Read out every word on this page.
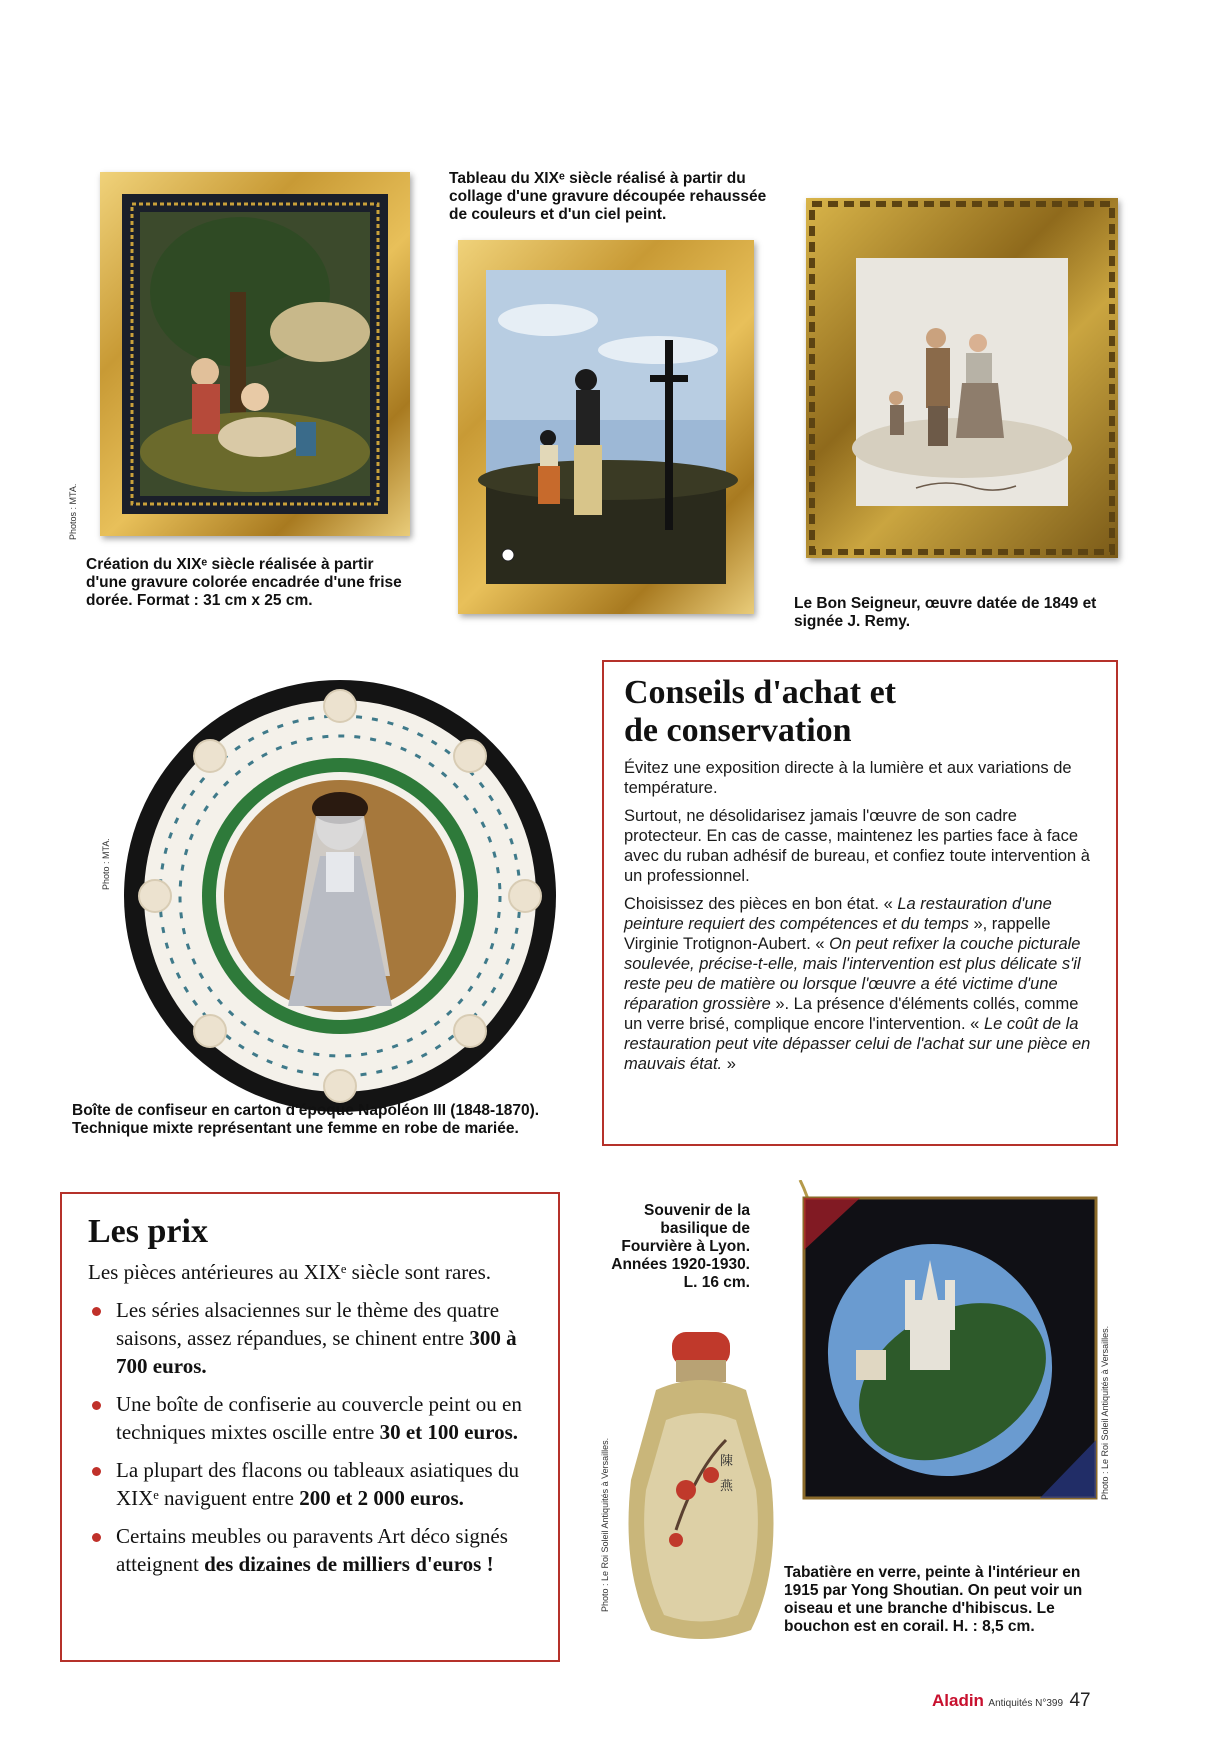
Photos : MTA.
Création du XIXᵉ siècle réalisée à partir d'une gravure colorée encadrée d'une frise dorée. Format : 31 cm x 25 cm.
Tableau du XIXᵉ siècle réalisé à partir du collage d'une gravure découpée rehaussée de couleurs et d'un ciel peint.
Le Bon Seigneur, œuvre datée de 1849 et signée J. Remy.
Photo : MTA.
Boîte de confiseur en carton d'époque Napoléon III (1848-1870). Technique mixte représentant une femme en robe de mariée.
Conseils d'achat et
de conservation

Évitez une exposition directe à la lumière et aux variations de température.

Surtout, ne désolidarisez jamais l'œuvre de son cadre protecteur. En cas de casse, maintenez les parties face à face avec du ruban adhésif de bureau, et confiez toute intervention à un professionnel.

Choisissez des pièces en bon état. « La restauration d'une peinture requiert des compétences et du temps », rappelle Virginie Trotignon-Aubert. « On peut refixer la couche picturale soulevée, précise-t-elle, mais l'intervention est plus délicate s'il reste peu de matière ou lorsque l'œuvre a été victime d'une réparation grossière ». La présence d'éléments collés, comme un verre brisé, complique encore l'intervention. « Le coût de la restauration peut vite dépasser celui de l'achat sur une pièce en mauvais état. »

Les prix
Les pièces antérieures au XIXᵉ siècle sont rares.
Les séries alsaciennes sur le thème des quatre saisons, assez répandues, se chinent entre 300 à 700 euros.
Une boîte de confiserie au couvercle peint ou en techniques mixtes oscille entre 30 et 100 euros.
La plupart des flacons ou tableaux asiatiques du XIXᵉ naviguent entre 200 et 2 000 euros.
Certains meubles ou paravents Art déco signés atteignent des dizaines de milliers d'euros !
Souvenir de la basilique de Fourvière à Lyon. Années 1920-1930. L. 16 cm.
Photo : Le Roi Soleil Antiquités à Versailles.	陳
燕
Tabatière en verre, peinte à l'intérieur en 1915 par Yong Shoutian. On peut voir un oiseau et une branche d'hibiscus. Le bouchon est en corail. H. : 8,5 cm.
Photo : Le Roi Soleil Antiquités à Versailles.
Aladin Antiquités N°399 47
